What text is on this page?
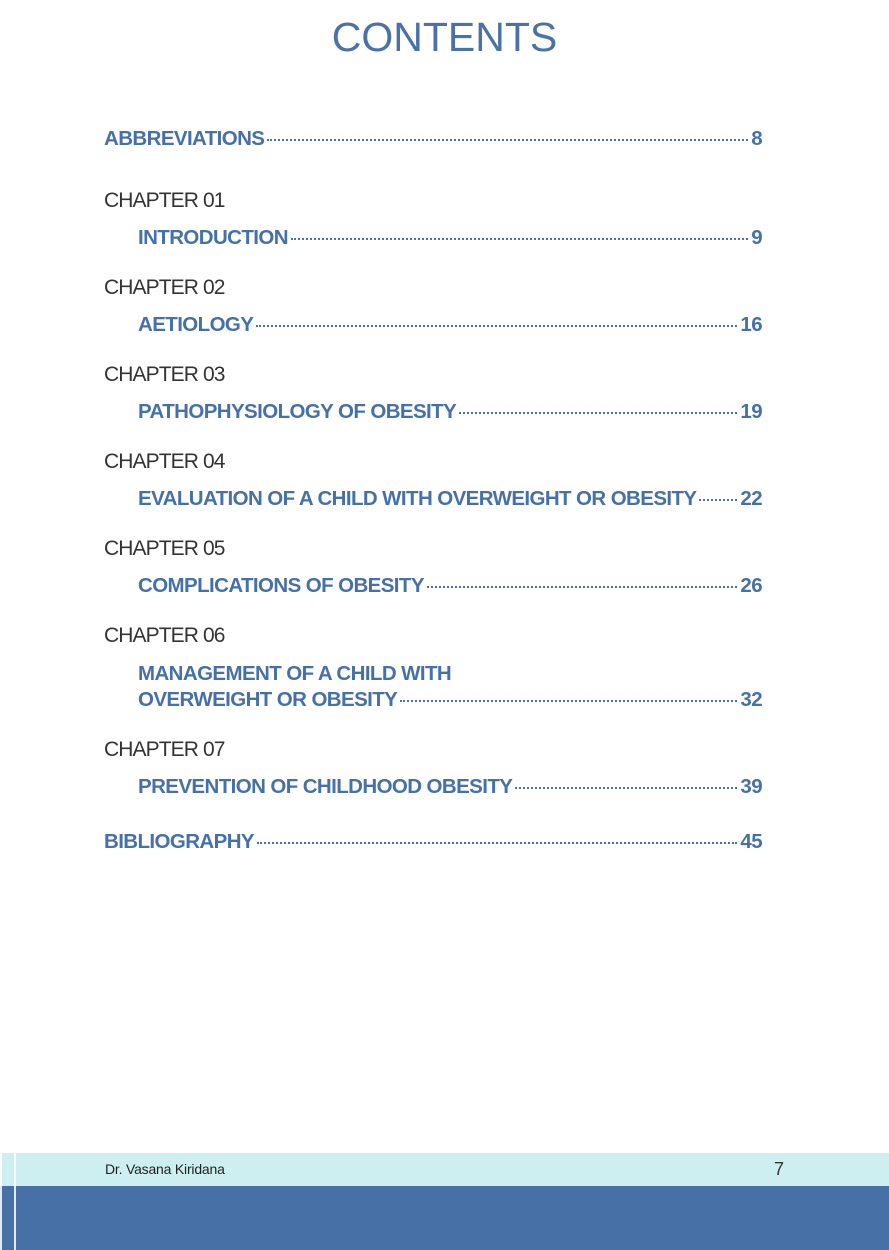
CONTENTS
ABBREVIATIONS	8
CHAPTER 01
INTRODUCTION	9
CHAPTER 02
AETIOLOGY	16
CHAPTER 03
PATHOPHYSIOLOGY OF OBESITY	19
CHAPTER 04
EVALUATION OF A CHILD WITH OVERWEIGHT OR OBESITY 22
CHAPTER 05
COMPLICATIONS OF OBESITY	26
CHAPTER 06
MANAGEMENT OF A CHILD WITH
OVERWEIGHT OR OBESITY	32
CHAPTER 07
PREVENTION OF CHILDHOOD OBESITY	39
BIBLIOGRAPHY	45
Dr. Vasana Kiridana	7
